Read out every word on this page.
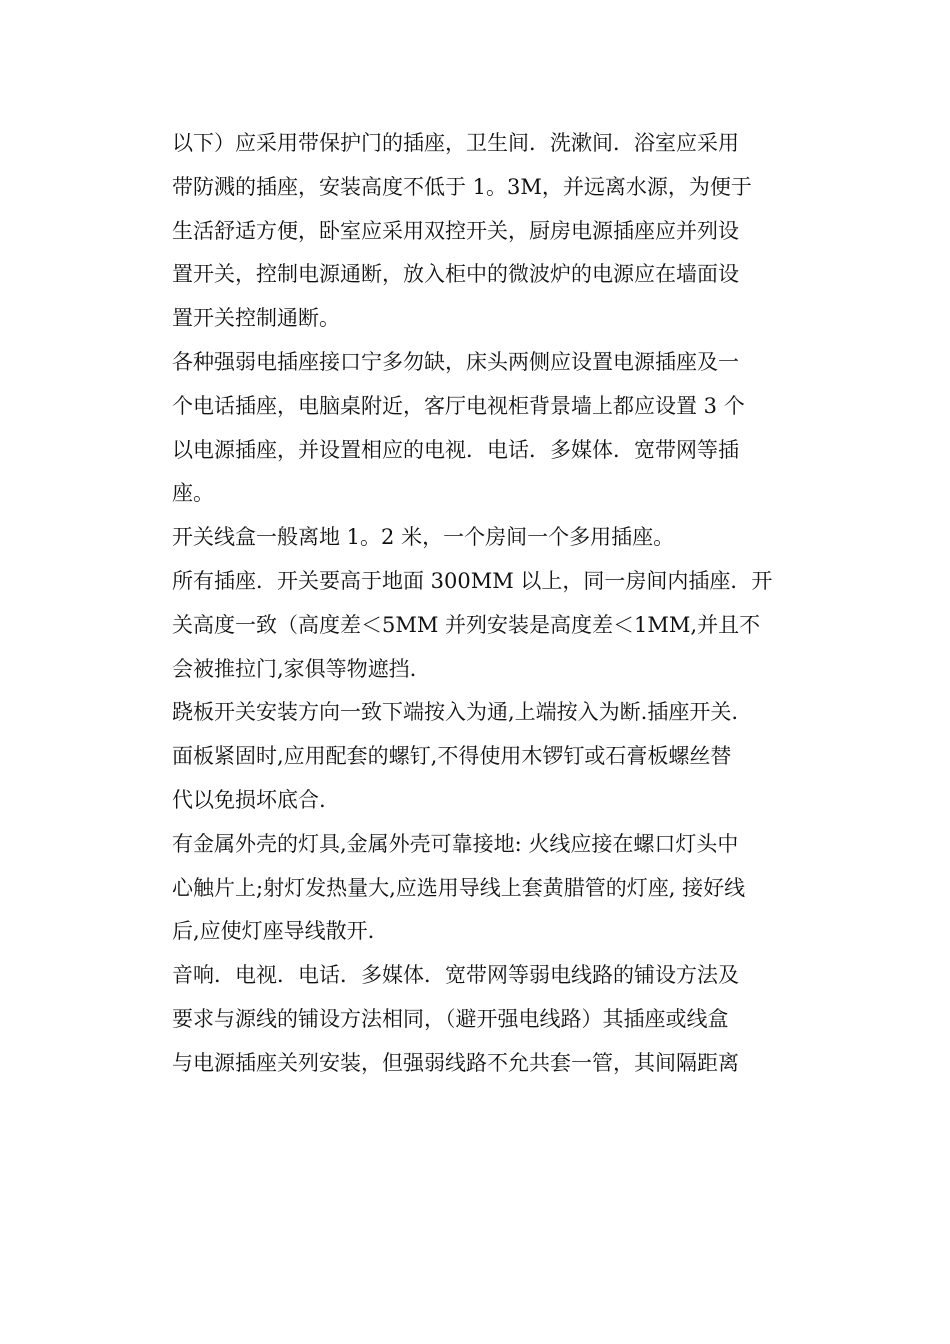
以下）应采用带保护门的插座，卫生间．洗漱间．浴室应采用
带防溅的插座，安装高度不低于 1。3M，并远离水源，为便于
生活舒适方便，卧室应采用双控开关，厨房电源插座应并列设
置开关，控制电源通断，放入柜中的微波炉的电源应在墙面设
置开关控制通断。
各种强弱电插座接口宁多勿缺，床头两侧应设置电源插座及一
个电话插座，电脑桌附近，客厅电视柜背景墙上都应设置 3 个
以电源插座，并设置相应的电视．电话．多媒体．宽带网等插
座。
开关线盒一般离地 1。2 米，一个房间一个多用插座。
所有插座．开关要高于地面 300MM 以上，同一房间内插座．开
关高度一致（高度差＜5MM 并列安装是高度差＜1MM,并且不
会被推拉门,家俱等物遮挡.
跷板开关安装方向一致下端按入为通,上端按入为断.插座开关.
面板紧固时,应用配套的螺钉,不得使用木锣钉或石膏板螺丝替
代以免损坏底合.
有金属外壳的灯具,金属外壳可靠接地: 火线应接在螺口灯头中
心触片上;射灯发热量大,应选用导线上套黄腊管的灯座, 接好线
后,应使灯座导线散开.
音响．电视．电话．多媒体．宽带网等弱电线路的铺设方法及
要求与源线的铺设方法相同，（避开强电线路）其插座或线盒
与电源插座关列安装，但强弱线路不允共套一管，其间隔距离
